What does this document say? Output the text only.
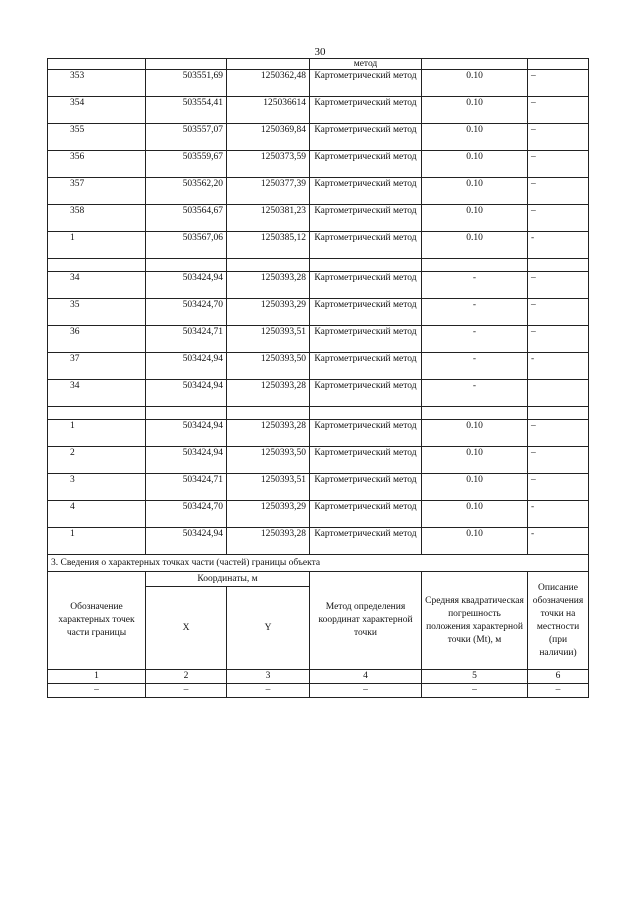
30
			метод		
353	503551,69	1250362,48	Картометрический метод	0.10	–
354	503554,41	125036614	Картометрический метод	0.10	–
355	503557,07	1250369,84	Картометрический метод	0.10	–
356	503559,67	1250373,59	Картометрический метод	0.10	–
357	503562,20	1250377,39	Картометрический метод	0.10	–
358	503564,67	1250381,23	Картометрический метод	0.10	–
1	503567,06	1250385,12	Картометрический метод	0.10	-

34	503424,94	1250393,28	Картометрический метод	-	–
35	503424,70	1250393,29	Картометрический метод	-	–
36	503424,71	1250393,51	Картометрический метод	-	–
37	503424,94	1250393,50	Картометрический метод	-	-
34	503424,94	1250393,28	Картометрический метод	-	

1	503424,94	1250393,28	Картометрический метод	0.10	–
2	503424,94	1250393,50	Картометрический метод	0.10	–
3	503424,71	1250393,51	Картометрический метод	0.10	–
4	503424,70	1250393,29	Картометрический метод	0.10	-
1	503424,94	1250393,28	Картометрический метод	0.10	-
3. Сведения о характерных точках части (частей) границы объекта					
Обозначение характерных точек части границы	Координаты, м		Метод определения координат характерной точки	Средняя квадратическая погрешность положения характерной точки (Mt), м	Описание обозначения точки на местности (при наличии)
	X	Y			
1	2	3	4	5	6
–	–	–	–	–	–
